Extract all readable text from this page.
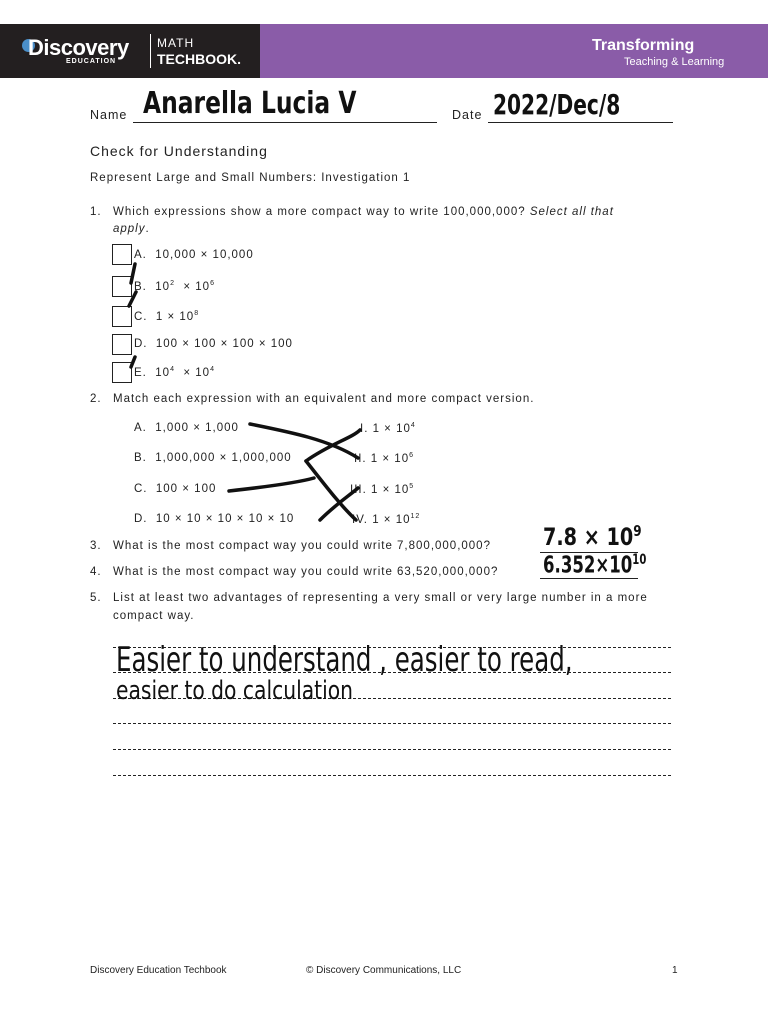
Discovery
EDUCATION
MATH
TECHBOOK.
Transforming
Teaching & Learning
Name Anarella Lucia V	Date 2022/Dec/8
Check for Understanding
Represent Large and Small Numbers: Investigation 1
1. Which expressions show a more compact way to write 100,000,000? Select all that
apply.
A. 10,000 × 10,000
B. $10^2 \times 10^6$
C. $1 \times 10^8$
D. 100 × 100 × 100 × 100
E. $10^4 \times 10^4$
2. Match each expression with an equivalent and more compact version.
A. 1,000 × 1,000
B. 1,000,000 × 1,000,000
C. 100 × 100
D. 10 × 10 × 10 × 10 × 10
I. $1 \times 10^4$
II. $1 \times 10^6$
III. $1 \times 10^5$
IV. $1 \times 10^{12}$
3. What is the most compact way you could write 7,800,000,000? $7.8 \times 10^9$
4. What is the most compact way you could write 63,520,000,000? $6.352\times 10^{10}$
5. List at least two advantages of representing a very small or very large number in a more
compact way.
Easier to understand , easier to read,
easier to do calculation
Discovery Education Techbook	© Discovery Communications, LLC	1
